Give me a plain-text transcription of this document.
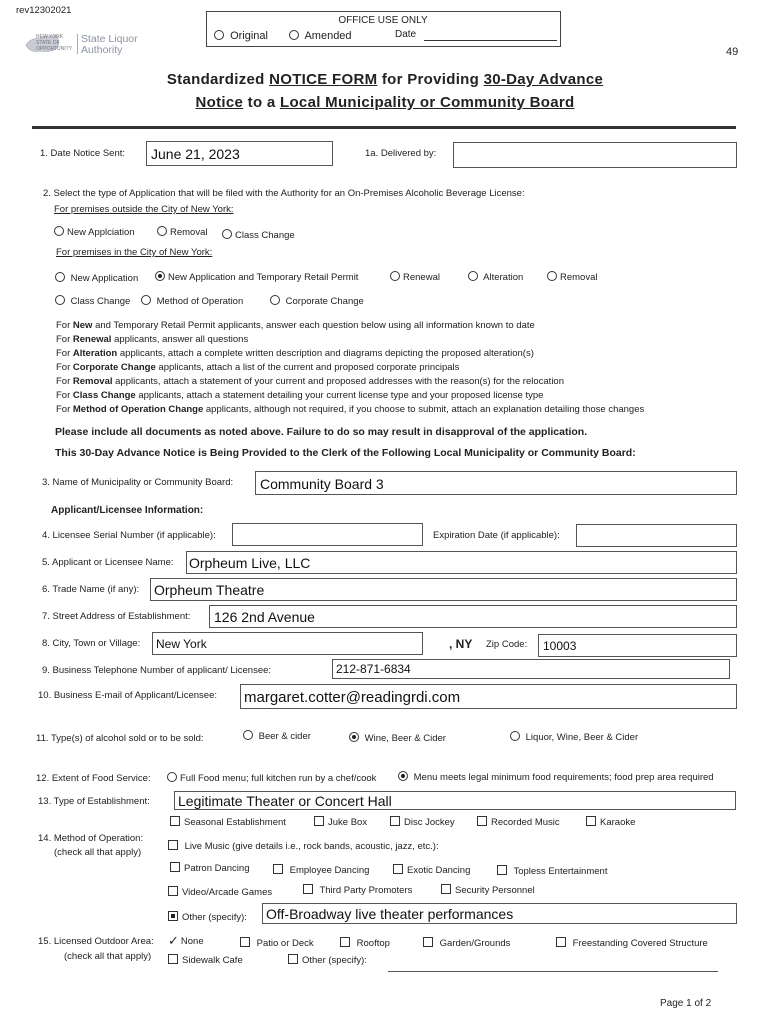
rev12302021
NEW YORK STATE OF OPPORTUNITY
State Liquor
Authority
OFFICE USE ONLY
Original	Amended	Date
49
Standardized NOTICE FORM for Providing 30-Day Advance
Notice to a Local Municipality or Community Board
1. Date Notice Sent: June 21, 2023	1a. Delivered by:
2. Select the type of Application that will be filed with the Authority for an On-Premises Alcoholic Beverage License:
For premises outside the City of New York:
New Applciation	Removal	Class Change
For premises in the City of New York:
New Application	New Application and Temporary Retail Permit	Renewal	Alteration	Removal
Class Change	Method of Operation	Corporate Change
For New and Temporary Retail Permit applicants, answer each question below using all information known to date
For Renewal applicants, answer all questions
For Alteration applicants, attach a complete written description and diagrams depicting the proposed alteration(s)
For Corporate Change applicants, attach a list of the current and proposed corporate principals
For Removal applicants, attach a statement of your current and proposed addresses with the reason(s) for the relocation
For Class Change applicants, attach a statement detailing your current license type and your proposed license type
For Method of Operation Change applicants, although not required, if you choose to submit, attach an explanation detailing those changes
Please include all documents as noted above. Failure to do so may result in disapproval of the application.
This 30-Day Advance Notice is Being Provided to the Clerk of the Following Local Municipality or Community Board:
3. Name of Municipality or Community Board: Community Board 3
Applicant/Licensee Information:
4. Licensee Serial Number (if applicable):	Expiration Date (if applicable):
5. Applicant or Licensee Name: Orpheum Live, LLC
6. Trade Name (if any): Orpheum Theatre
7. Street Address of Establishment: 126 2nd Avenue
8. City, Town or Village: New York	, NY Zip Code: 10003
9. Business Telephone Number of applicant/ Licensee:	212-871-6834
10. Business E-mail of Applicant/Licensee: margaret.cotter@readingrdi.com
11. Type(s) of alcohol sold or to be sold:	Beer & cider	Wine, Beer & Cider	Liquor, Wine, Beer & Cider
12. Extent of Food Service:	Full Food menu; full kitchen run by a chef/cook	Menu meets legal minimum food requirements; food prep area required
13. Type of Establishment: Legitimate Theater or Concert Hall
14. Method of Operation:
(check all that apply)
Seasonal Establishment	Juke Box	Disc Jockey	Recorded Music	Karaoke
Live Music (give details i.e., rock bands, acoustic, jazz, etc.):
Patron Dancing	Employee Dancing	Exotic Dancing	Topless Entertainment
Video/Arcade Games	Third Party Promoters	Security Personnel
Other (specify): Off-Broadway live theater performances
15. Licensed Outdoor Area:
(check all that apply)
✓ None	Patio or Deck	Rooftop	Garden/Grounds	Freestanding Covered Structure
Sidewalk Cafe	Other (specify):
Page 1 of 2
